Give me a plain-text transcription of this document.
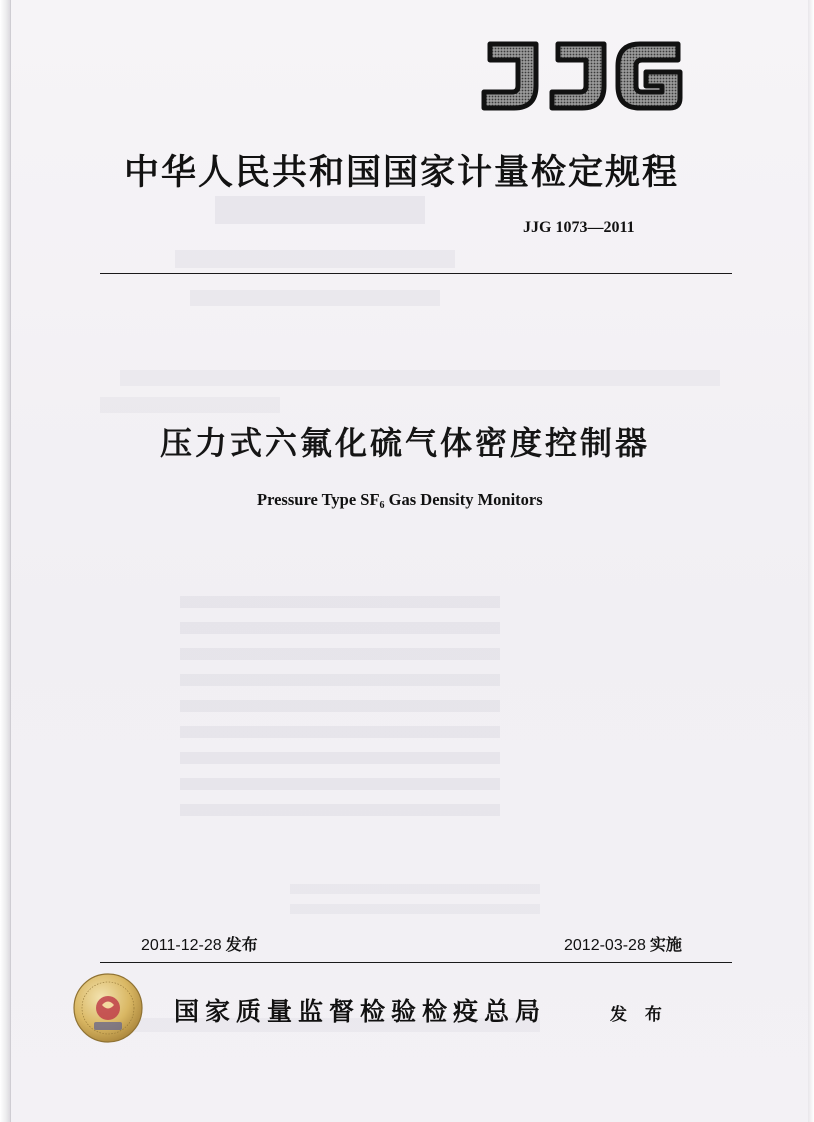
中华人民共和国国家计量检定规程
JJG 1073—2011
压力式六氟化硫气体密度控制器
Pressure Type $SF_6$ Gas Density Monitors
2011-12-28 发布	2012-03-28 实施
国家质量监督检验检疫总局	发 布
